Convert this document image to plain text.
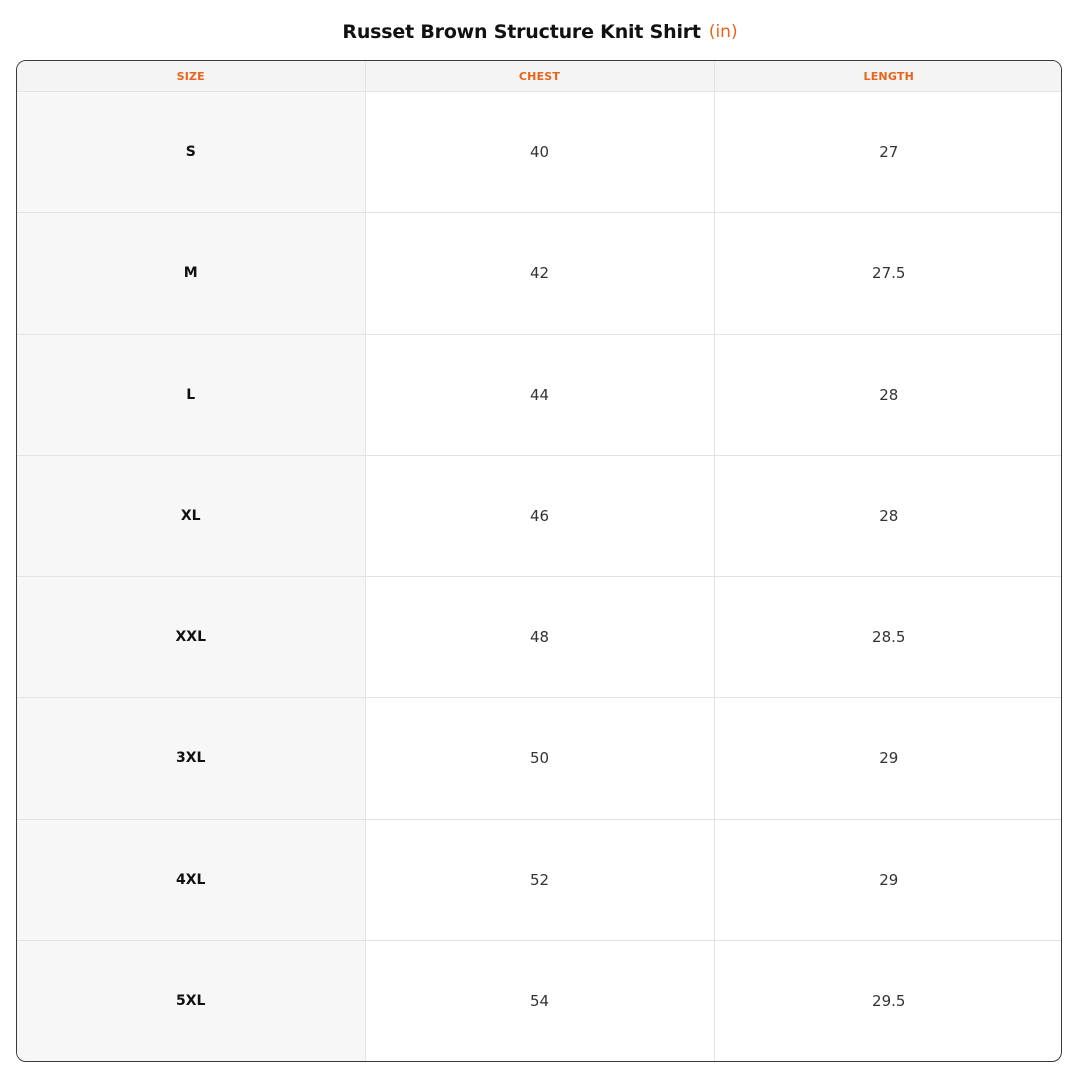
Russet Brown Structure Knit Shirt (in)
SIZE	CHEST	LENGTH
S	40	27
M	42	27.5
L	44	28
XL	46	28
XXL	48	28.5
3XL	50	29
4XL	52	29
5XL	54	29.5
